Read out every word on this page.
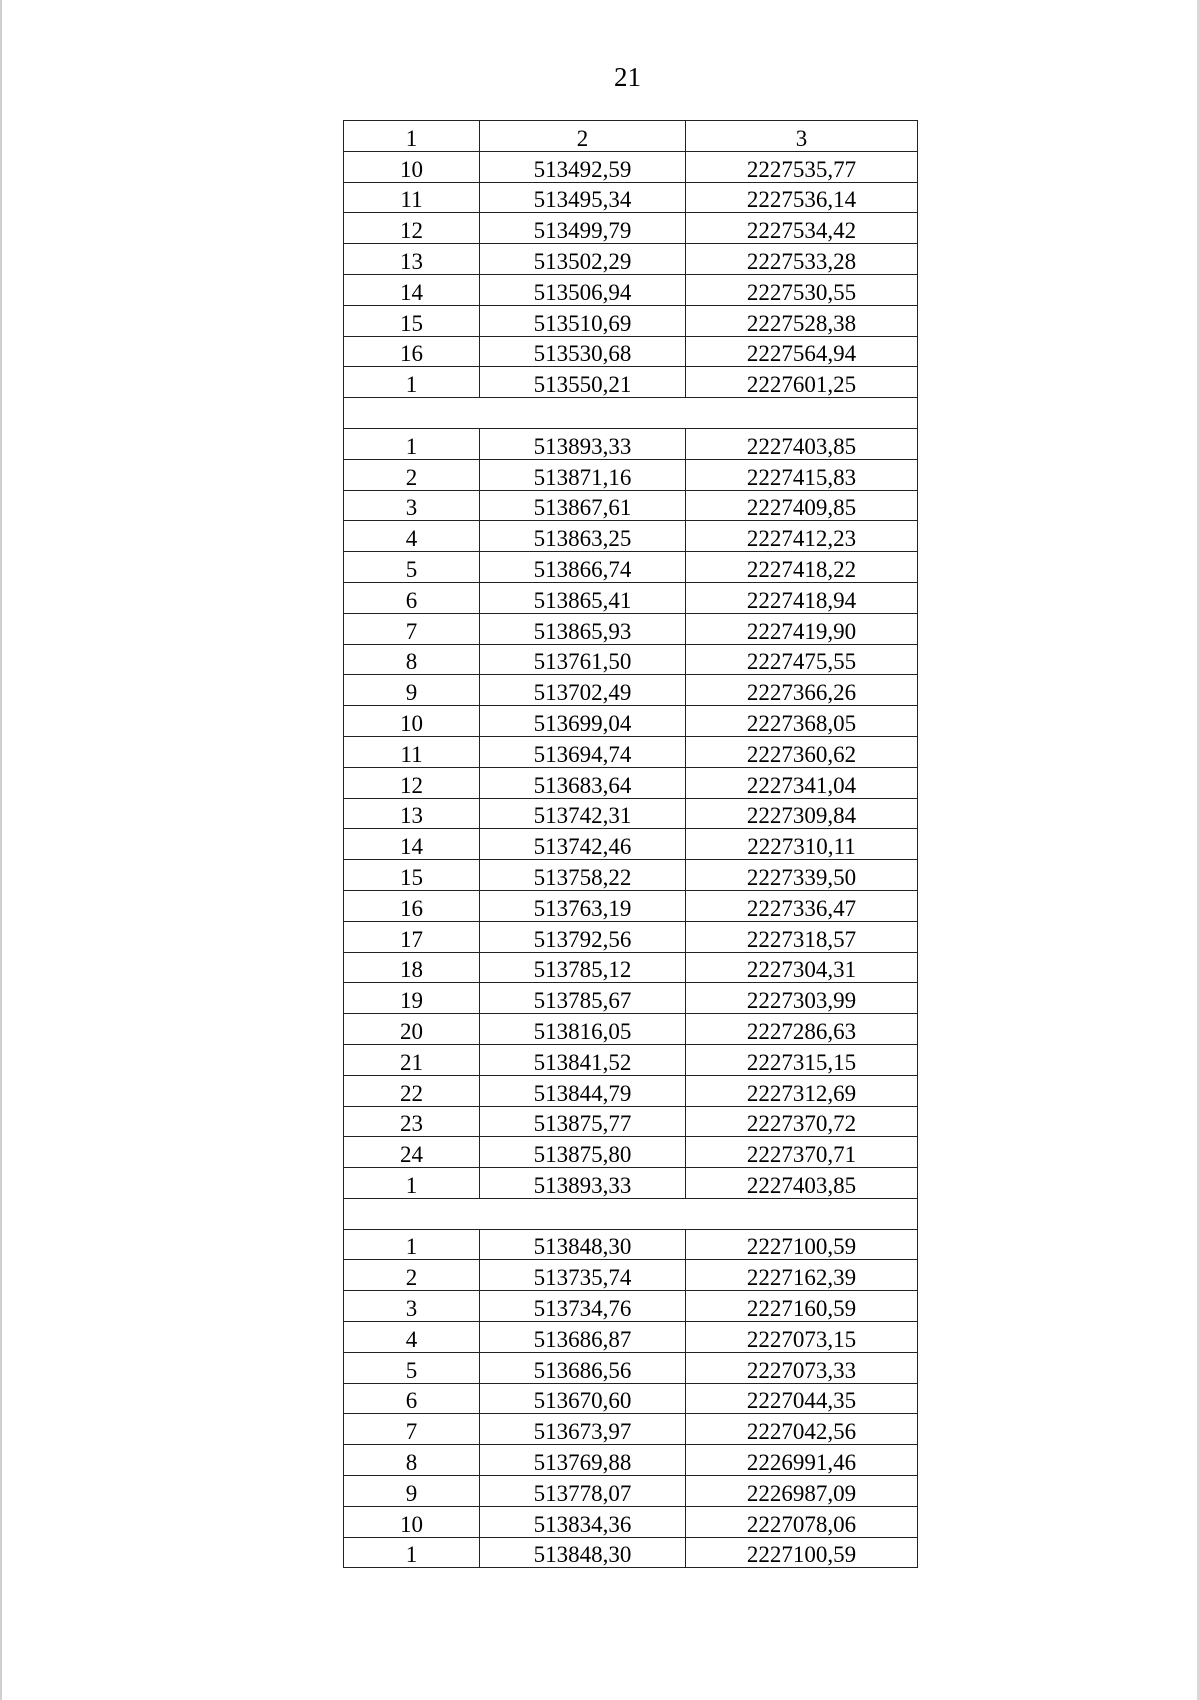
21
1	2	3
10	513492,59	2227535,77
11	513495,34	2227536,14
12	513499,79	2227534,42
13	513502,29	2227533,28
14	513506,94	2227530,55
15	513510,69	2227528,38
16	513530,68	2227564,94
1	513550,21	2227601,25

1	513893,33	2227403,85
2	513871,16	2227415,83
3	513867,61	2227409,85
4	513863,25	2227412,23
5	513866,74	2227418,22
6	513865,41	2227418,94
7	513865,93	2227419,90
8	513761,50	2227475,55
9	513702,49	2227366,26
10	513699,04	2227368,05
11	513694,74	2227360,62
12	513683,64	2227341,04
13	513742,31	2227309,84
14	513742,46	2227310,11
15	513758,22	2227339,50
16	513763,19	2227336,47
17	513792,56	2227318,57
18	513785,12	2227304,31
19	513785,67	2227303,99
20	513816,05	2227286,63
21	513841,52	2227315,15
22	513844,79	2227312,69
23	513875,77	2227370,72
24	513875,80	2227370,71
1	513893,33	2227403,85

1	513848,30	2227100,59
2	513735,74	2227162,39
3	513734,76	2227160,59
4	513686,87	2227073,15
5	513686,56	2227073,33
6	513670,60	2227044,35
7	513673,97	2227042,56
8	513769,88	2226991,46
9	513778,07	2226987,09
10	513834,36	2227078,06
1	513848,30	2227100,59
